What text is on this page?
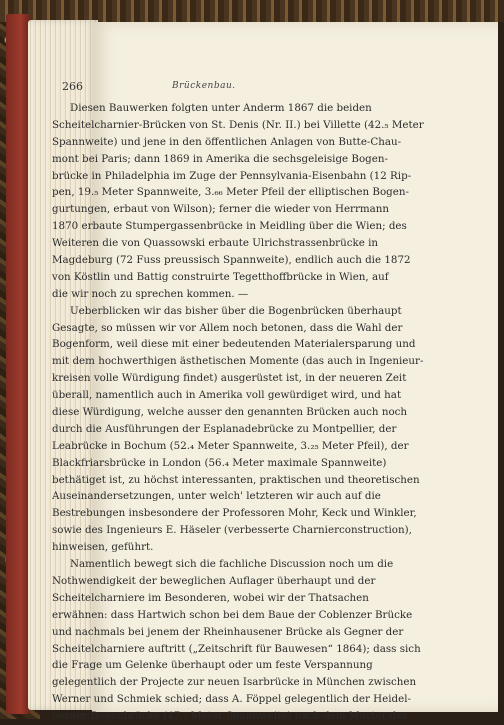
266	Brückenbau.
Diesen Bauwerken folgten unter Anderm 1867 die beiden
Scheitelcharnier-Brücken von St. Denis (Nr. II.) bei Villette (42.₅ Meter
Spannweite) und jene in den öffentlichen Anlagen von Butte-Chau-
mont bei Paris; dann 1869 in Amerika die sechsgeleisige Bogen-
brücke in Philadelphia im Zuge der Pennsylvania-Eisenbahn (12 Rip-
pen, 19.₅ Meter Spannweite, 3.₆₆ Meter Pfeil der elliptischen Bogen-
gurtungen, erbaut von Wilson); ferner die wieder von Herrmann
1870 erbaute Stumpergassenbrücke in Meidling über die Wien; des
Weiteren die von Quassowski erbaute Ulrichstrassenbrücke in
Magdeburg (72 Fuss preussisch Spannweite), endlich auch die 1872
von Köstlin und Battig construirte Tegetthoffbrücke in Wien, auf
die wir noch zu sprechen kommen. —
Ueberblicken wir das bisher über die Bogenbrücken überhaupt
Gesagte, so müssen wir vor Allem noch betonen, dass die Wahl der
Bogenform, weil diese mit einer bedeutenden Materialersparung und
mit dem hochwerthigen ästhetischen Momente (das auch in Ingenieur-
kreisen volle Würdigung findet) ausgerüstet ist, in der neueren Zeit
überall, namentlich auch in Amerika voll gewürdiget wird, und hat
diese Würdigung, welche ausser den genannten Brücken auch noch
durch die Ausführungen der Esplanadebrücke zu Montpellier, der
Leabrücke in Bochum (52.₄ Meter Spannweite, 3.₂₅ Meter Pfeil), der
Blackfriarsbrücke in London (56.₄ Meter maximale Spannweite)
bethätiget ist, zu höchst interessanten, praktischen und theoretischen
Auseinandersetzungen, unter welch' letzteren wir auch auf die
Bestrebungen insbesondere der Professoren Mohr, Keck und Winkler,
sowie des Ingenieurs E. Häseler (verbesserte Charnierconstruction),
hinweisen, geführt.
Namentlich bewegt sich die fachliche Discussion noch um die
Nothwendigkeit der beweglichen Auflager überhaupt und der
Scheitelcharniere im Besonderen, wobei wir der Thatsachen
erwähnen: dass Hartwich schon bei dem Baue der Coblenzer Brücke
und nachmals bei jenem der Rheinhausener Brücke als Gegner der
Scheitelcharniere auftritt („Zeitschrift für Bauwesen“ 1864); dass sich
die Frage um Gelenke überhaupt oder um feste Verspannung
gelegentlich der Projecte zur neuen Isarbrücke in München zwischen
Werner und Schmiek schied; dass A. Föppel gelegentlich der Heidel-
berger Bogenbrücke (47.₂ Meter Spannweite) nach dem Muster der
